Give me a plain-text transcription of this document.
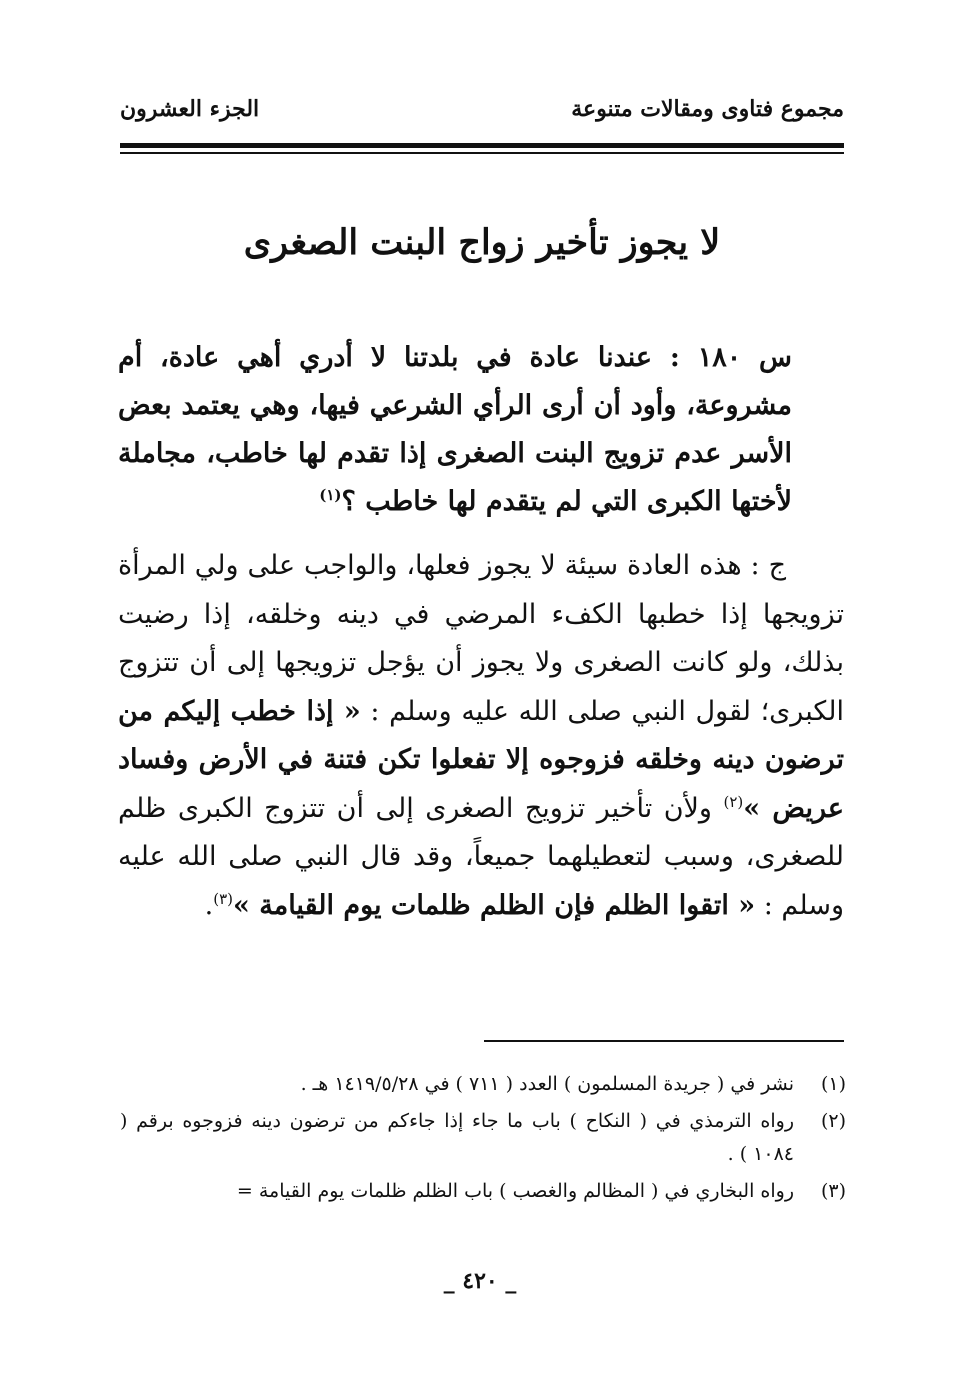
مجموع فتاوى ومقالات متنوعة
الجزء العشرون
لا يجوز تأخير زواج البنت الصغرى
س ١٨٠ : عندنا عادة في بلدتنا لا أدري أهي عادة، أم مشروعة، وأود أن أرى الرأي الشرعي فيها، وهي يعتمد بعض الأسر عدم تزويج البنت الصغرى إذا تقدم لها خاطب، مجاملة لأختها الكبرى التي لم يتقدم لها خاطب ؟$^{(١)}$
ج : هذه العادة سيئة لا يجوز فعلها، والواجب على ولي المرأة تزويجها إذا خطبها الكفء المرضي في دينه وخلقه، إذا رضيت بذلك، ولو كانت الصغرى ولا يجوز أن يؤجل تزويجها إلى أن تتزوج الكبرى؛ لقول النبي صلى الله عليه وسلم : « إذا خطب إليكم من ترضون دينه وخلقه فزوجوه إلا تفعلوا تكن فتنة في الأرض وفساد عريض »$^{(٢)}$ ولأن تأخير تزويج الصغرى إلى أن تتزوج الكبرى ظلم للصغرى، وسبب لتعطيلهما جميعاً، وقد قال النبي صلى الله عليه وسلم : « اتقوا الظلم فإن الظلم ظلمات يوم القيامة »$^{(٣)}$.
(١)
نشر في ( جريدة المسلمون ) العدد ( ٧١١ ) في ١٤١٩/٥/٢٨ هـ .
(٢)
رواه الترمذي في ( النكاح ) باب ما جاء إذا جاءكم من ترضون دينه فزوجوه برقم ( ١٠٨٤ ) .
(٣)
رواه البخاري في ( المظالم والغصب ) باب الظلم ظلمات يوم القيامة =
_ ٤٢٠ _
